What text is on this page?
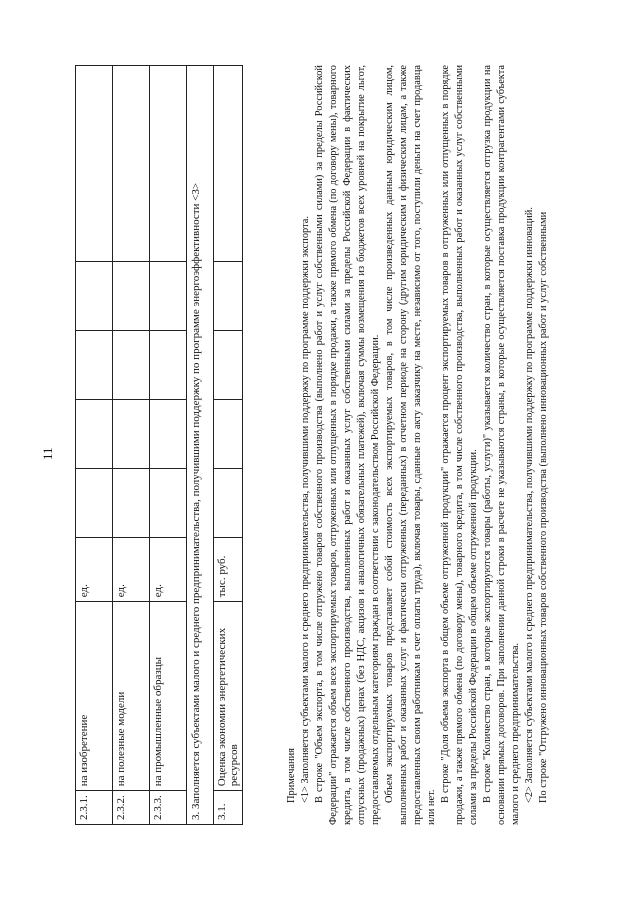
11
2.3.1.	на изобретение	ед.					
2.3.2.	на полезные модели	ед.					
2.3.3.	на промышленные образцы	ед.					
3. Заполняется субъектами малого и среднего предпринимательства, получившими поддержку по программе энергоэффективности <3>							
3.1.	Оценка экономии энергетических ресурсов	тыс. руб.					

Примечания <1> Заполняется субъектами малого и среднего предпринимательства, получившими поддержку по программе поддержки экспорта. В строке "Объем экспорта, в том числе отгружено товаров собственного производства (выполнено работ и услуг собственными силами) за пределы Российской Федерации" отражается объем всех экспортируемых товаров, отгруженных или отпущенных в порядке продажи, а также прямого обмена (по договору мены), товарного кредита, в том числе собственного производства, выполненных работ и оказанных услуг собственными силами за пределы Российской Федерации в фактических отпускных (продажных) ценах (без НДС, акцизов и аналогичных обязательных платежей), включая суммы возмещения из бюджетов всех уровней на покрытие льгот, предоставляемых отдельным категориям граждан в соответствии с законодательством Российской Федерации. Объем экспортируемых товаров представляет собой стоимость всех экспортируемых товаров, в том числе произведенных данным юридическим лицом, выполненных работ и оказанных услуг и фактически отгруженных (переданных) в отчетном периоде на сторону (другим юридическим и физическим лицам, а также предоставленных своим работникам в счет оплаты труда), включая товары, сданные по акту заказчику на месте, независимо от того, поступили деньги на счет продавца или нет.

В строке "Доля объема экспорта в общем объеме отгруженной продукции" отражается процент экспортируемых товаров в отгруженных или отпущенных в порядке продажи, а также прямого обмена (по договору мены), товарного кредита, в том числе собственного производства, выполненных работ и оказанных услуг собственными силами за пределы Российской Федерации в общем объеме отгруженной продукции. В строке "Количество стран, в которые экспортируются товары (работы, услуги)" указывается количество стран, в которые осуществляется отгрузка продукции на основании прямых договоров. При заполнении данной строки в расчете не указываются страны, в которые осуществляется поставка продукции контрагентами субъекта малого и среднего предпринимательства. <2> Заполняется субъектами малого и среднего предпринимательства, получившими поддержку по программе поддержки инноваций. По строке "Отгружено инновационных товаров собственного производства (выполнено инновационных работ и услуг собственными
